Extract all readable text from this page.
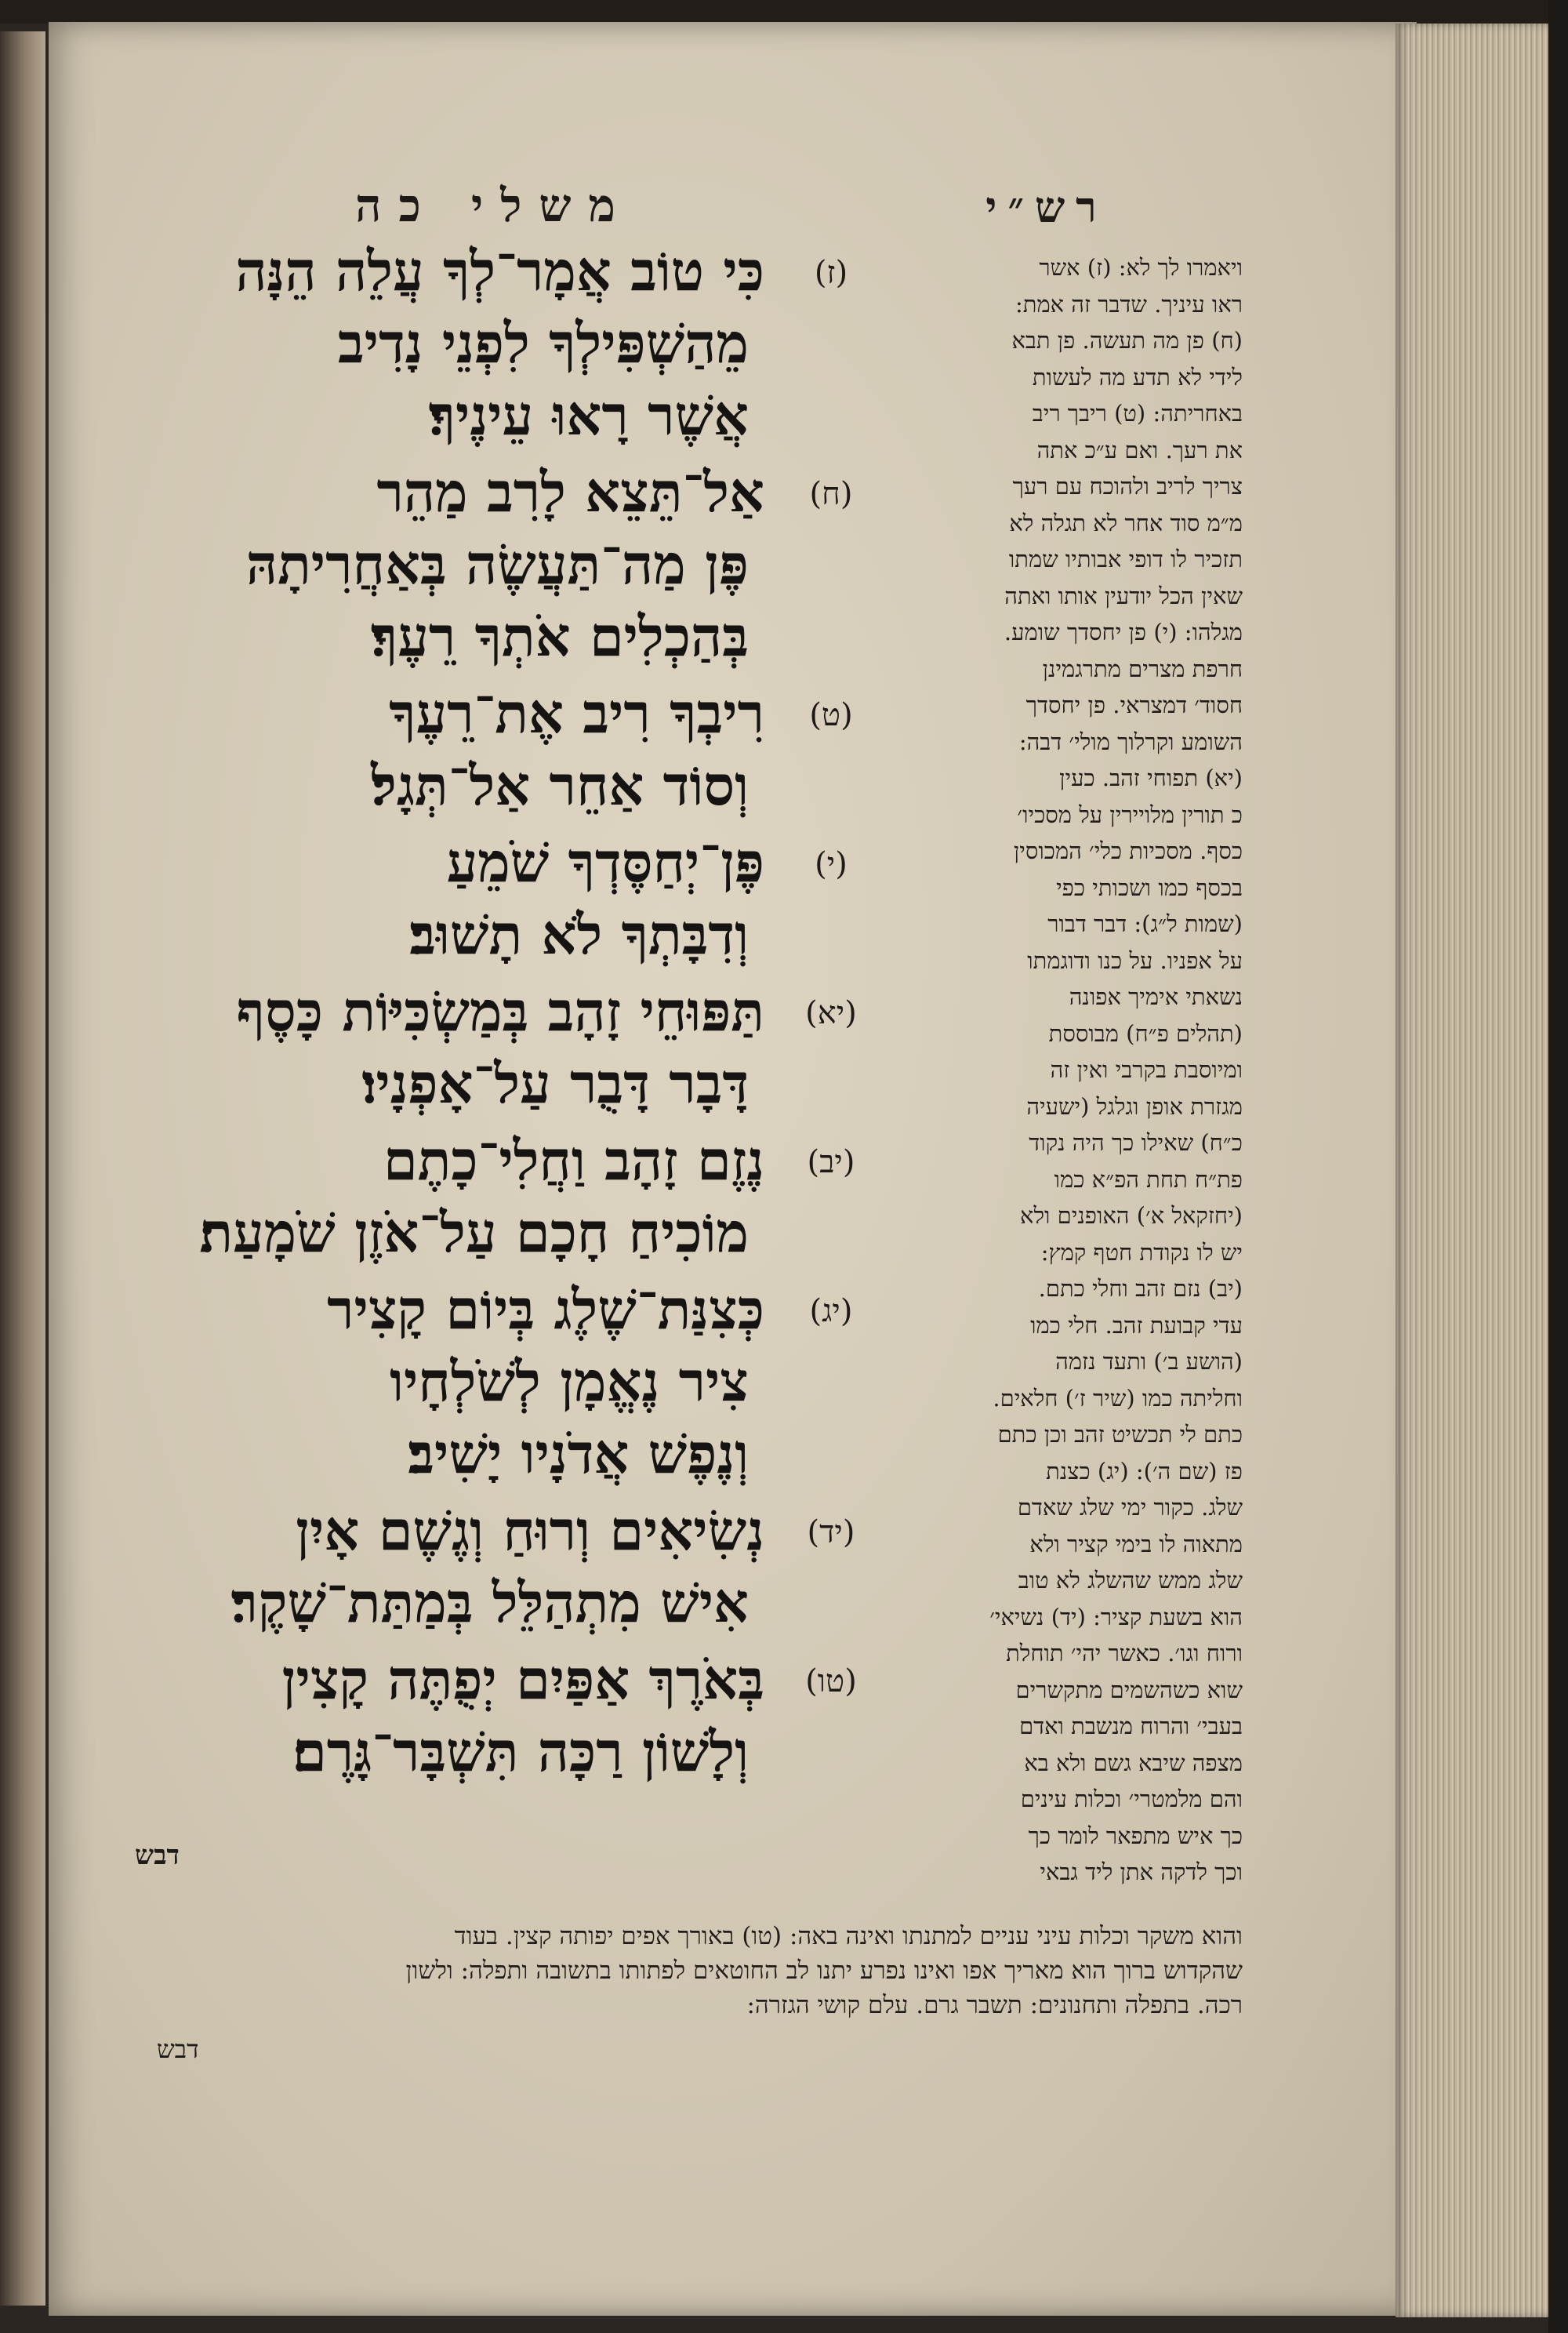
משלי כה	רש״י
(ז)
כִּי טוֹב אֲמָר־לְךָ עֲלֵה הֵנָּה
מֵהַשְׁפִּילְךָ לִפְנֵי נָדִיב
אֲשֶׁר רָאוּ עֵינֶיךָ׃
(ח)
אַל־תֵּצֵא לָרִב מַהֵר
פֶּן מַה־תַּעֲשֶׂה בְּאַחֲרִיתָהּ
בְּהַכְלִים אֹתְךָ רֵעֶךָ׃
(ט)
רִיבְךָ רִיב אֶת־רֵעֶךָ
וְסוֹד אַחֵר אַל־תְּגָל׃
(י)
פֶּן־יְחַסֶּדְךָ שֹׁמֵעַ
וְדִבָּתְךָ לֹא תָשׁוּב׃
(יא)
תַּפּוּחֵי זָהָב בְּמַשְׂכִּיּוֹת כָּסֶף
דָּבָר דָּבֻר עַל־אָפְנָיו׃
(יב)
נֶזֶם זָהָב וַחֲלִי־כָתֶם
מוֹכִיחַ חָכָם עַל־אֹזֶן שֹׁמָעַת׃
(יג)
כְּצִנַּת־שֶׁלֶג בְּיוֹם קָצִיר
צִיר נֶאֱמָן לְשֹׁלְחָיו
וְנֶפֶשׁ אֲדֹנָיו יָשִׁיב׃
(יד)
נְשִׂיאִים וְרוּחַ וְגֶשֶׁם אָיִן
אִישׁ מִתְהַלֵּל בְּמַתַּת־שָׁקֶר׃
(טו)
בְּאֹרֶךְ אַפַּיִם יְפֻתֶּה קָצִין
וְלָשׁוֹן רַכָּה תִּשְׁבָּר־גָּרֶם׃
ויאמרו לך לא: (ז) אשר
ראו עיניך. שדבר זה אמת:
(ח) פן מה תעשה. פן תבא
לידי לא תדע מה לעשות
באחריתה: (ט) ריבך ריב
את רעך. ואם ע״כ אתה
צריך לריב ולהוכח עם רעך
מ״מ סוד אחר לא תגלה לא
תזכיר לו דופי אבותיו שמתו
שאין הכל יודעין אותו ואתה
מגלהו: (י) פן יחסדך שומע.
חרפת מצרים מתרגמינן
חסוד׳ דמצראי. פן יחסדך
השומע וקרלוך מולי׳ דבה:
(יא) תפוחי זהב. כעין
כ תורין מלויירין על מסכיו׳
כסף. מסכיות כלי׳ המכוסין
בכסף כמו ושכותי כפי
(שמות ל״ג): דבר דבור
על אפניו. על כנו ודוגמתו
נשאתי אימיך אפונה
(תהלים פ״ח) מבוססת
ומיוסבת בקרבי ואין זה
מגזרת אופן וגלגל (ישעיה
כ״ח) שאילו כך היה נקוד
פת״ח תחת הפ״א כמו
(יחזקאל א׳) האופנים ולא
יש לו נקודת חטף קמץ:
(יב) נזם זהב וחלי כתם.
עדי קבועת זהב. חלי כמו
(הושע ב׳) ותעד נזמה
וחליתה כמו (שיר ז׳) חלאים.
כתם לי תכשיט זהב וכן כתם
פז (שם ה׳): (יג) כצנת
שלג. כקור ימי שלג שאדם
מתאוה לו בימי קציר ולא
שלג ממש שהשלג לא טוב
הוא בשעת קציר: (יד) נשיאי׳
ורוח וגו׳. כאשר יהי׳ תוחלת
שוא כשהשמים מתקשרים
בעבי׳ והרוח מנשבת ואדם
מצפה שיבא גשם ולא בא
והם מלמטרי׳ וכלות עינים
כך איש מתפאר לומר כך
וכך לדקה אתן ליד גבאי
דבש
והוא משקר וכלות עיני עניים למתנתו ואינה באה: (טו) באורך אפים יפותה קצין. בעוד
שהקדוש ברוך הוא מאריך אפו ואינו נפרע יתנו לב החוטאים לפתותו בתשובה ותפלה: ולשון
רכה. בתפלה ותחנונים: תשבר גרם. עלם קושי הגזרה:
דבש
